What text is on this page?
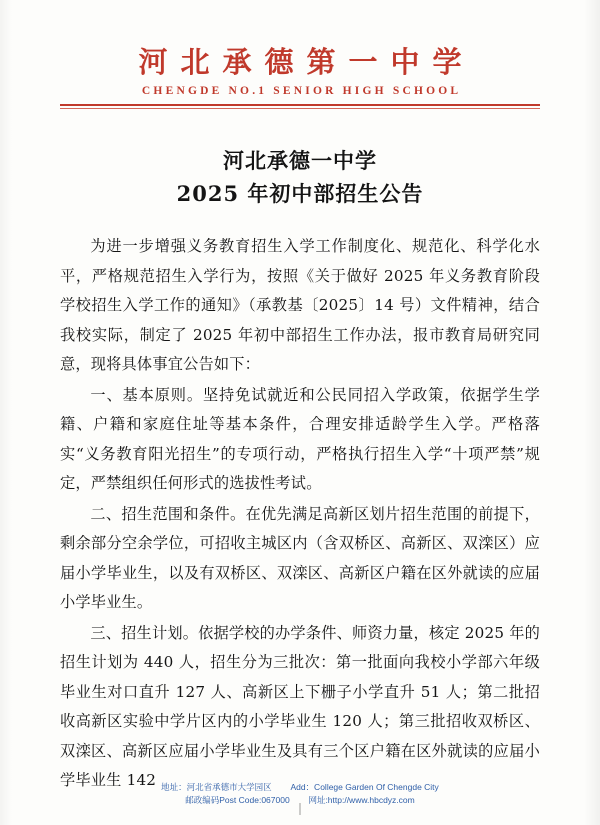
河北承德第一中学
CHENGDE NO.1 SENIOR HIGH SCHOOL
河北承德一中学
2025 年初中部招生公告

为进一步增强义务教育招生入学工作制度化、规范化、科学化水平，严格规范招生入学行为，按照《关于做好 2025 年义务教育阶段学校招生入学工作的通知》（承教基〔2025〕14 号）文件精神，结合我校实际，制定了 2025 年初中部招生工作办法，报市教育局研究同意，现将具体事宜公告如下：

一、基本原则。坚持免试就近和公民同招入学政策，依据学生学籍、户籍和家庭住址等基本条件，合理安排适龄学生入学。严格落实“义务教育阳光招生”的专项行动，严格执行招生入学“十项严禁”规定，严禁组织任何形式的选拔性考试。

二、招生范围和条件。在优先满足高新区划片招生范围的前提下，剩余部分空余学位，可招收主城区内（含双桥区、高新区、双滦区）应届小学毕业生，以及有双桥区、双滦区、高新区户籍在区外就读的应届小学毕业生。

三、招生计划。依据学校的办学条件、师资力量，核定 2025 年的招生计划为 440 人，招生分为三批次：第一批面向我校小学部六年级毕业生对口直升 127 人、高新区上下栅子小学直升 51 人；第二批招收高新区实验中学片区内的小学毕业生 120 人；第三批招收双桥区、双滦区、高新区应届小学毕业生及具有三个区户籍在区外就读的应届小学毕业生 142 地址：河北省承德市大学园区 Add：College Garden Of Chengde City
邮政编码Post Code:067000 网址:http://www.hbcdyz.com
